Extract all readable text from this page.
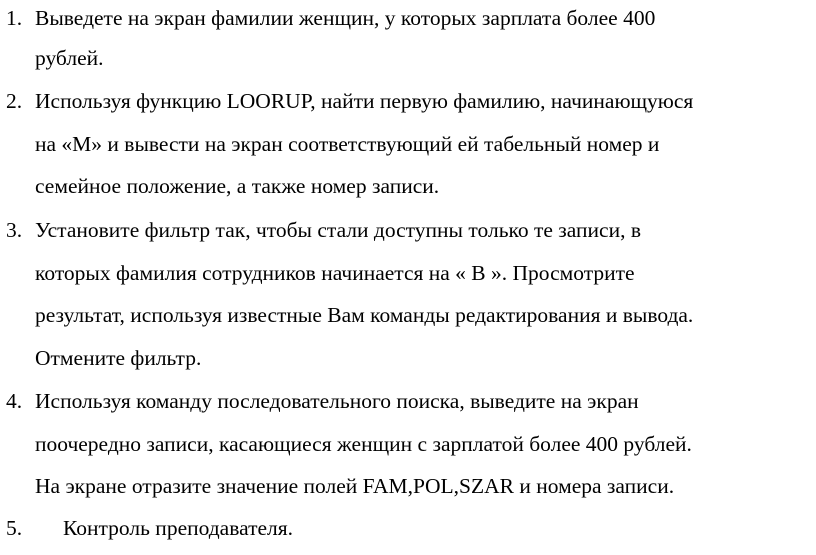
1. Выведете на экран фамилии женщин, у которых зарплата более 400
рублей.
2. Используя функцию LOORUP, найти первую фамилию, начинающуюся
на «М» и вывести на экран соответствующий ей табельный номер и
семейное положение, а также номер записи.
3. Установите фильтр так, чтобы стали доступны только те записи, в
которых фамилия сотрудников начинается на « В ». Просмотрите
результат, используя известные Вам команды редактирования и вывода.
Отмените фильтр.
4. Используя команду последовательного поиска, выведите на экран
поочередно записи, касающиеся женщин с зарплатой более 400 рублей.
На экране отразите значение полей FAM,POL,SZAR и номера записи.
5. Контроль преподавателя.
